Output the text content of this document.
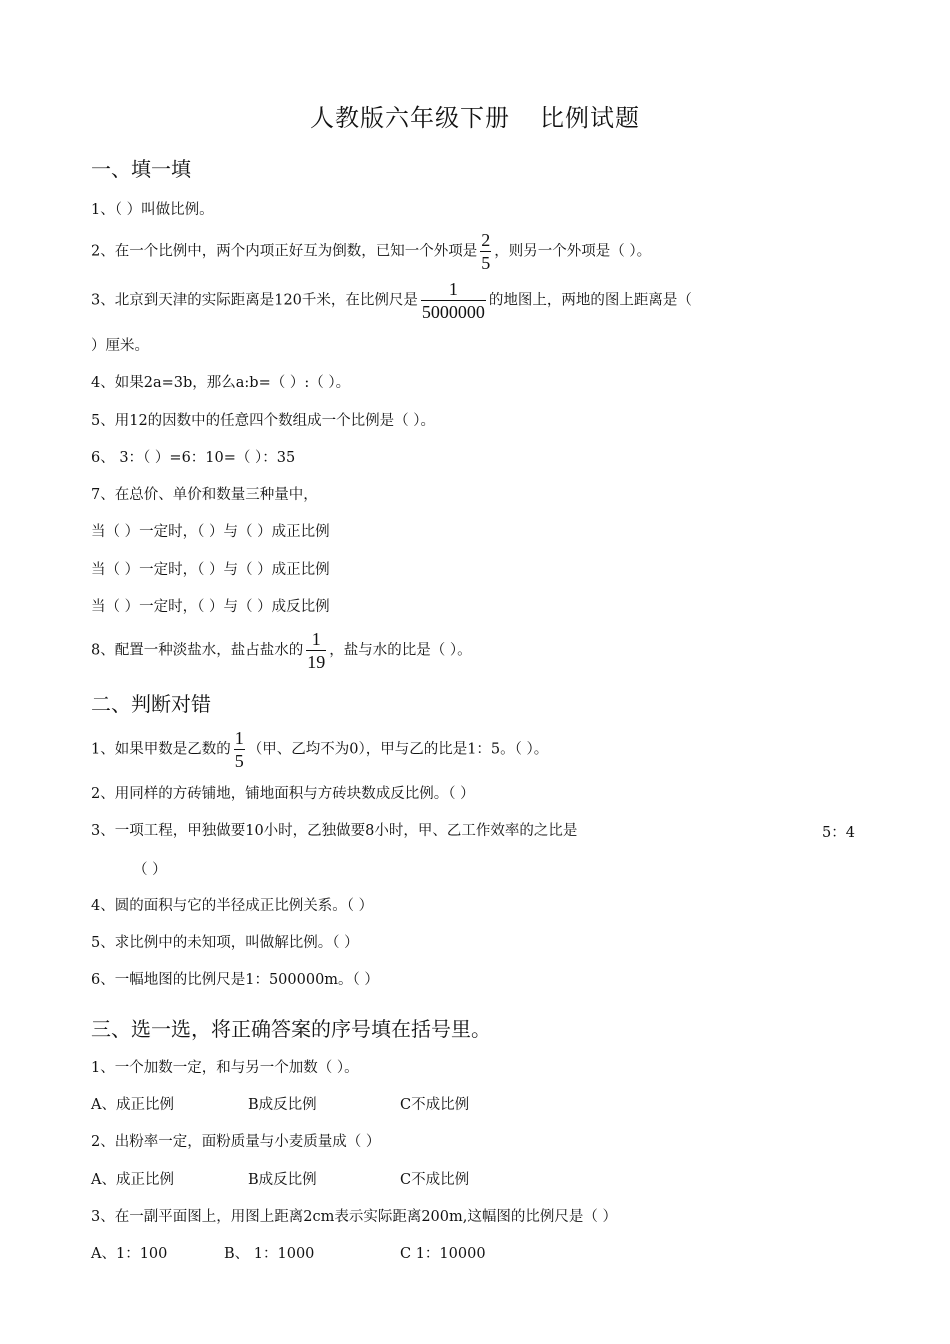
人教版六年级下册 比例试题
一、填一填
1、（ ）叫做比例。
2、在一个比例中，两个内项正好互为倒数，已知一个外项是 $\frac{2}{5}$ ，则另一个外项是（ ）。
3、北京到天津的实际距离是120千米，在比例尺是 $\frac{1}{5000000}$ 的地图上，两地的图上距离是（
）厘米。
4、如果2a=3b，那么a:b=（ ）:（ ）。
5、用12的因数中的任意四个数组成一个比例是（ ）。
6、 3：（ ）=6：10=（ ）：35
7、在总价、单价和数量三种量中，
当（ ）一定时，（ ）与（ ）成正比例
当（ ）一定时，（ ）与（ ）成正比例
当（ ）一定时，（ ）与（ ）成反比例
8、配置一种淡盐水，盐占盐水的 $\frac{1}{19}$ ，盐与水的比是（ ）。
二、判断对错
1、如果甲数是乙数的 $\frac{1}{5}$ （甲、乙均不为0），甲与乙的比是1：5。（ ）。
2、用同样的方砖铺地，铺地面积与方砖块数成反比例。（ ）
3、一项工程，甲独做要10小时，乙独做要8小时，甲、乙工作效率的之比是	5：4
（ ）
4、圆的面积与它的半径成正比例关系。（ ）
5、求比例中的未知项，叫做解比例。（ ）
6、一幅地图的比例尺是1：500000m。（ ）
三、选一选，将正确答案的序号填在括号里。
1、一个加数一定，和与另一个加数（ ）。
A、成正比例	B成反比例	C不成比例
2、出粉率一定，面粉质量与小麦质量成（ ）
A、成正比例	B成反比例	C不成比例
3、在一副平面图上，用图上距离2cm表示实际距离200m,这幅图的比例尺是（ ）
A、1：100	B、 1：1000	C 1：10000
